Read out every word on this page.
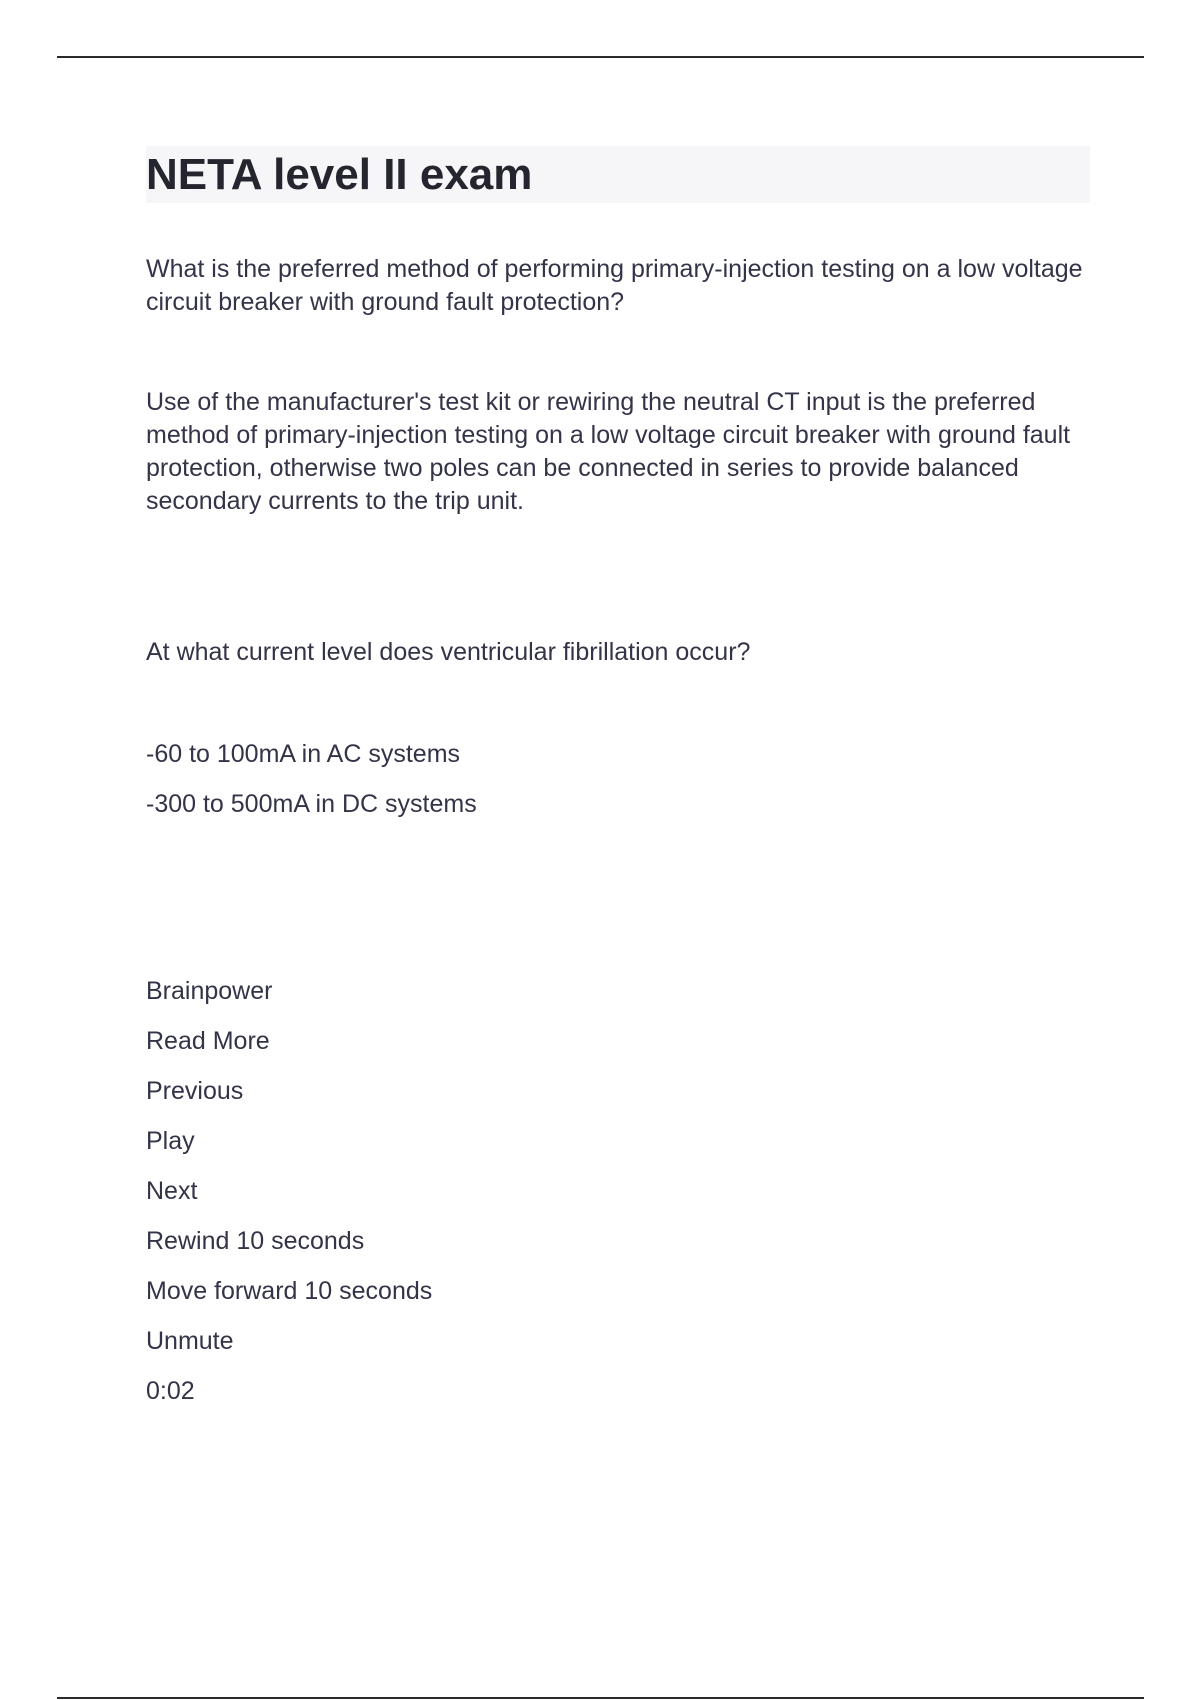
NETA level II exam

What is the preferred method of performing primary-injection testing on a low voltage circuit breaker with ground fault protection?

Use of the manufacturer's test kit or rewiring the neutral CT input is the preferred method of primary-injection testing on a low voltage circuit breaker with ground fault protection, otherwise two poles can be connected in series to provide balanced secondary currents to the trip unit.

At what current level does ventricular fibrillation occur?

-60 to 100mA in AC systems

-300 to 500mA in DC systems

Brainpower
Read More
Previous
Play
Next
Rewind 10 seconds
Move forward 10 seconds
Unmute
0:02
